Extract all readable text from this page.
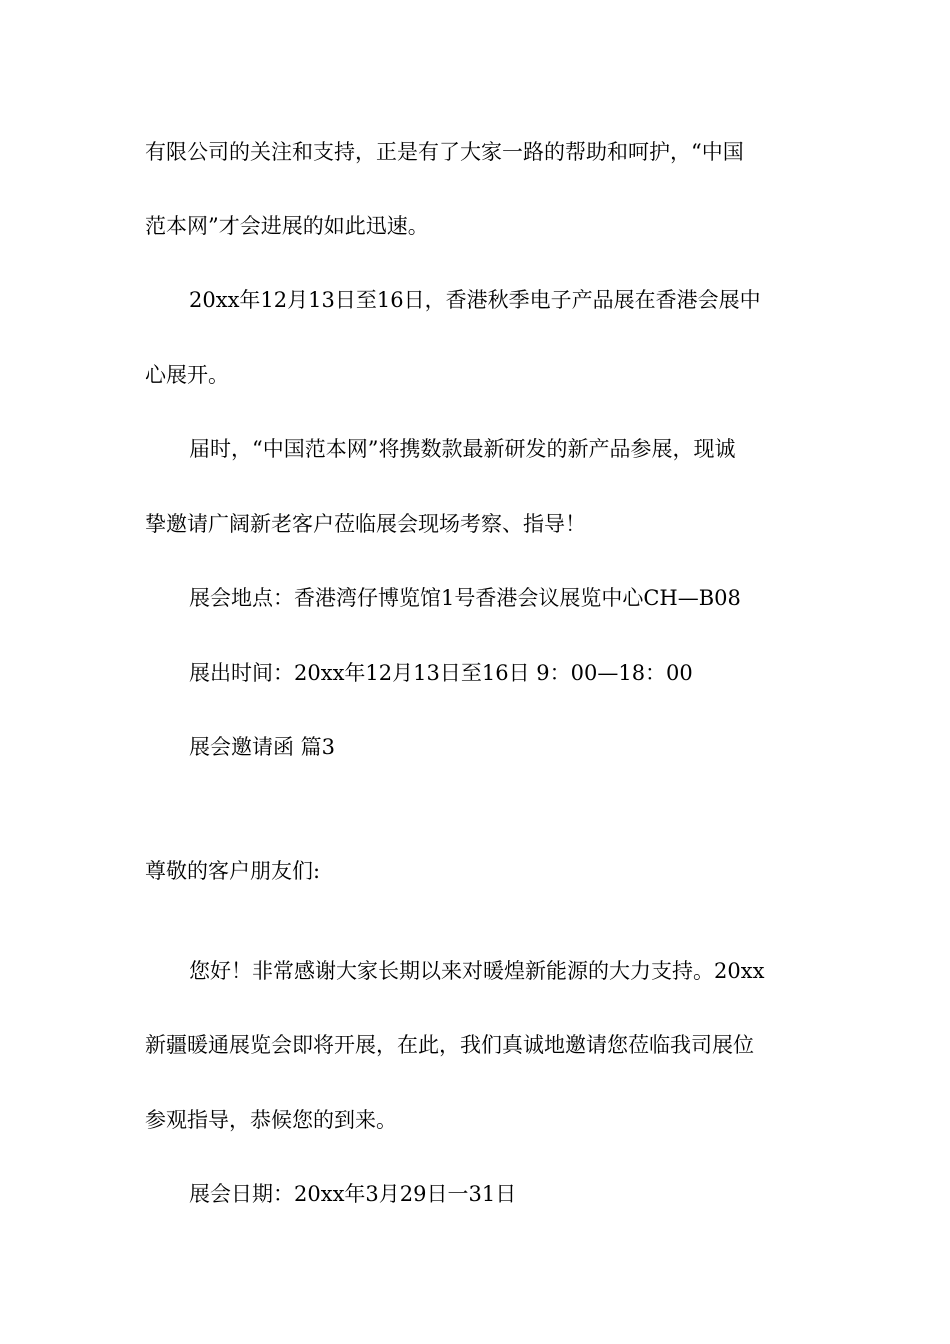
有限公司的关注和支持，正是有了大家一路的帮助和呵护，“中国
范本网”才会进展的如此迅速。
20xx年12月13日至16日，香港秋季电子产品展在香港会展中
心展开。
届时，“中国范本网”将携数款最新研发的新产品参展，现诚
挚邀请广阔新老客户莅临展会现场考察、指导！
展会地点：香港湾仔博览馆1号香港会议展览中心CH—B08
展出时间：20xx年12月13日至16日 9：00—18：00
展会邀请函 篇3
尊敬的客户朋友们:
您好！非常感谢大家长期以来对暖煌新能源的大力支持。20xx
新疆暖通展览会即将开展，在此，我们真诚地邀请您莅临我司展位
参观指导，恭候您的到来。
展会日期：20xx年3月29日一31日
